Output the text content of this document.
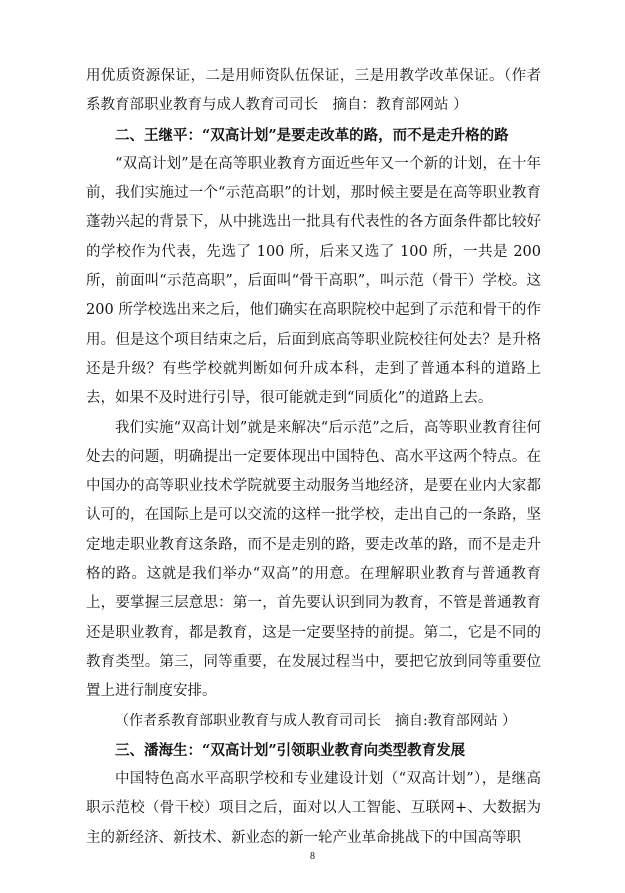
用优质资源保证，二是用师资队伍保证，三是用教学改革保证。（作者系教育部职业教育与成人教育司司长　摘自：教育部网站 ）

二、王继平：“双高计划”是要走改革的路，而不是走升格的路

“双高计划”是在高等职业教育方面近些年又一个新的计划，在十年前，我们实施过一个“示范高职”的计划，那时候主要是在高等职业教育蓬勃兴起的背景下，从中挑选出一批具有代表性的各方面条件都比较好的学校作为代表，先选了 100 所，后来又选了 100 所，一共是 200 所，前面叫“示范高职”，后面叫“骨干高职”，叫示范（骨干）学校。这 200 所学校选出来之后，他们确实在高职院校中起到了示范和骨干的作用。但是这个项目结束之后，后面到底高等职业院校往何处去？是升格还是升级？有些学校就判断如何升成本科，走到了普通本科的道路上去，如果不及时进行引导，很可能就走到“同质化”的道路上去。

我们实施“双高计划”就是来解决“后示范”之后，高等职业教育往何处去的问题，明确提出一定要体现出中国特色、高水平这两个特点。在中国办的高等职业技术学院就要主动服务当地经济，是要在业内大家都认可的，在国际上是可以交流的这样一批学校，走出自己的一条路，坚定地走职业教育这条路，而不是走别的路，要走改革的路，而不是走升格的路。这就是我们举办“双高”的用意。在理解职业教育与普通教育上，要掌握三层意思：第一，首先要认识到同为教育，不管是普通教育还是职业教育，都是教育，这是一定要坚持的前提。第二，它是不同的教育类型。第三，同等重要，在发展过程当中，要把它放到同等重要位置上进行制度安排。

（作者系教育部职业教育与成人教育司司长　摘自:教育部网站 ）

三、潘海生：“双高计划”引领职业教育向类型教育发展

中国特色高水平高职学校和专业建设计划（“双高计划”），是继高职示范校（骨干校）项目之后，面对以人工智能、互联网+、大数据为主的新经济、新技术、新业态的新一轮产业革命挑战下的中国高等职

8
